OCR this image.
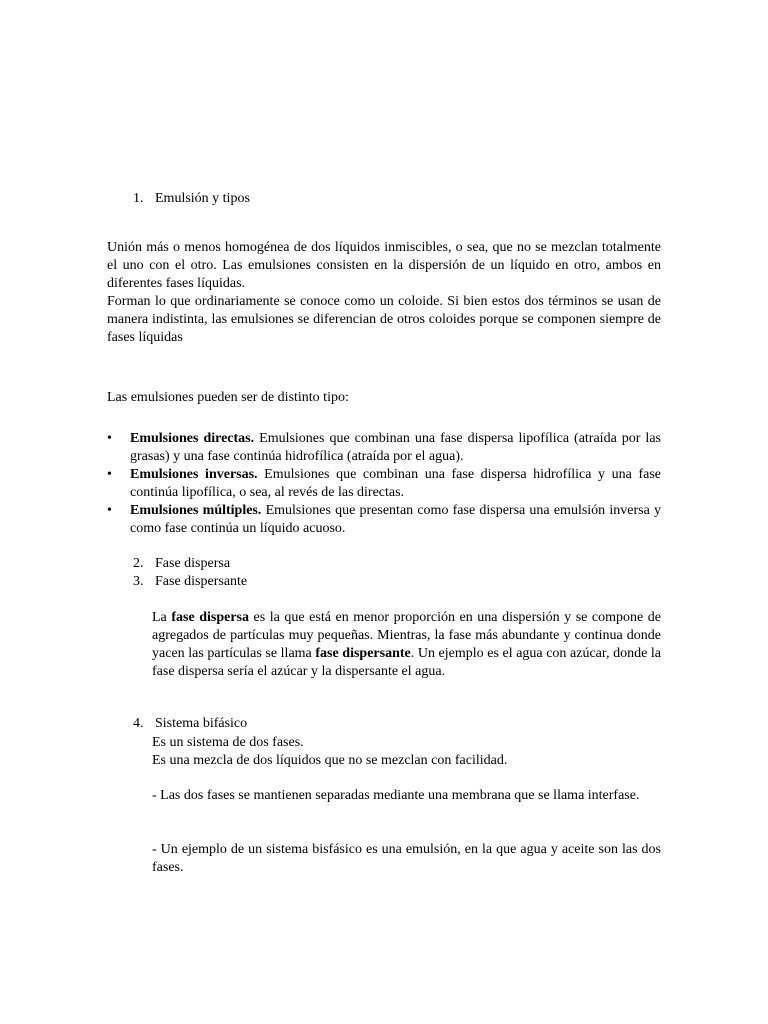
1. Emulsión y tipos
Unión más o menos homogénea de dos líquidos inmiscibles, o sea, que no se mezclan totalmente el uno con el otro. Las emulsiones consisten en la dispersión de un líquido en otro, ambos en diferentes fases líquidas.
Forman lo que ordinariamente se conoce como un coloide. Si bien estos dos términos se usan de manera indistinta, las emulsiones se diferencian de otros coloides porque se componen siempre de fases líquidas
Las emulsiones pueden ser de distinto tipo:
• Emulsiones directas. Emulsiones que combinan una fase dispersa lipofílica (atraída por las grasas) y una fase continúa hidrofílica (atraída por el agua).
• Emulsiones inversas. Emulsiones que combinan una fase dispersa hidrofílica y una fase continúa lipofílica, o sea, al revés de las directas.
• Emulsiones múltiples. Emulsiones que presentan como fase dispersa una emulsión inversa y como fase continúa un líquido acuoso.
2. Fase dispersa
3. Fase dispersante
La fase dispersa es la que está en menor proporción en una dispersión y se compone de agregados de partículas muy pequeñas. Mientras, la fase más abundante y continua donde yacen las partículas se llama fase dispersante. Un ejemplo es el agua con azúcar, donde la fase dispersa sería el azúcar y la dispersante el agua.
4. Sistema bifásico
Es un sistema de dos fases.
Es una mezcla de dos líquidos que no se mezclan con facilidad.
- Las dos fases se mantienen separadas mediante una membrana que se llama interfase.
- Un ejemplo de un sistema bisfásico es una emulsión, en la que agua y aceite son las dos fases.
